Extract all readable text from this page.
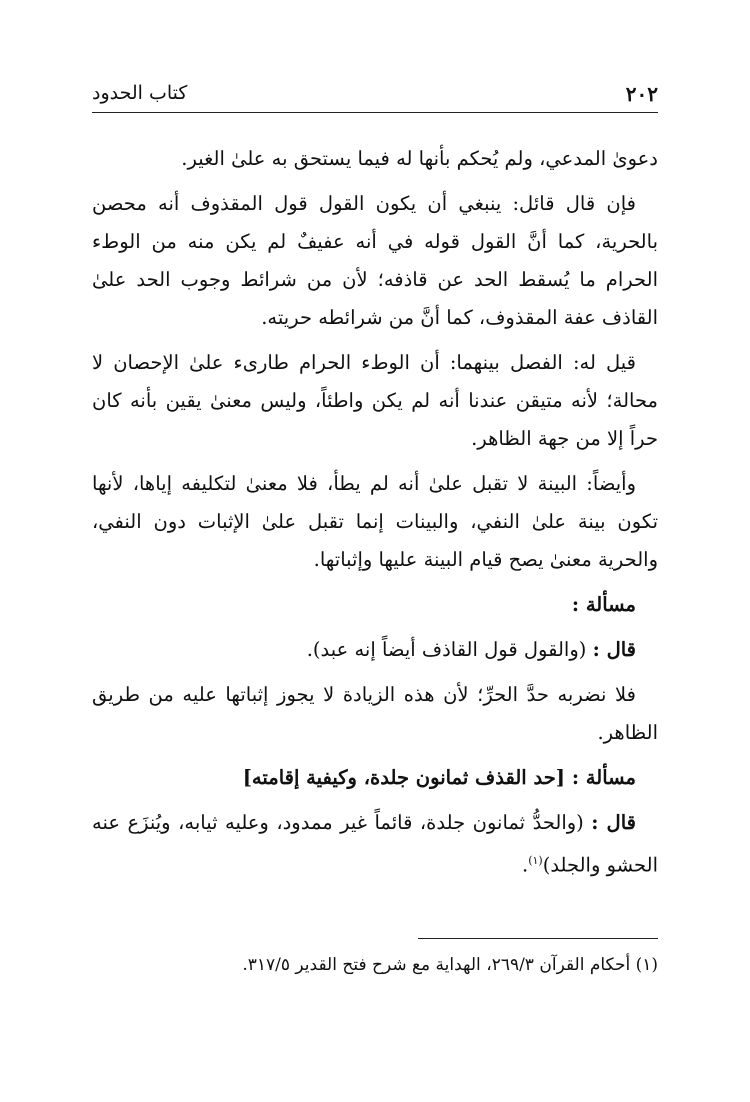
٢٠٢
كتاب الحدود

دعوىٰ المدعي، ولم يُحكم بأنها له فيما يستحق به علىٰ الغير.

فإن قال قائل: ينبغي أن يكون القول قول المقذوف أنه محصن بالحرية، كما أنَّ القول قوله في أنه عفيفٌ لم يكن منه من الوطء الحرام ما يُسقط الحد عن قاذفه؛ لأن من شرائط وجوب الحد علىٰ القاذف عفة المقذوف، كما أنَّ من شرائطه حريته.

قيل له: الفصل بينهما: أن الوطء الحرام طارىء علىٰ الإحصان لا محالة؛ لأنه متيقن عندنا أنه لم يكن واطئاً، وليس معنىٰ يقين بأنه كان حراً إلا من جهة الظاهر.

وأيضاً: البينة لا تقبل علىٰ أنه لم يطأ، فلا معنىٰ لتكليفه إياها، لأنها تكون بينة علىٰ النفي، والبينات إنما تقبل علىٰ الإثبات دون النفي، والحرية معنىٰ يصح قيام البينة عليها وإثباتها.

مسألة :

قال : (والقول قول القاذف أيضاً إنه عبد).

فلا نضربه حدَّ الحرِّ؛ لأن هذه الزيادة لا يجوز إثباتها عليه من طريق الظاهر.

مسألة : [حد القذف ثمانون جلدة، وكيفية إقامته]

قال : (والحدُّ ثمانون جلدة، قائماً غير ممدود، وعليه ثيابه، ويُنزَع عنه الحشو والجلد)$^{(١)}$.

(١) أحكام القرآن ٢٦٩/٣، الهداية مع شرح فتح القدير ٣١٧/٥.
